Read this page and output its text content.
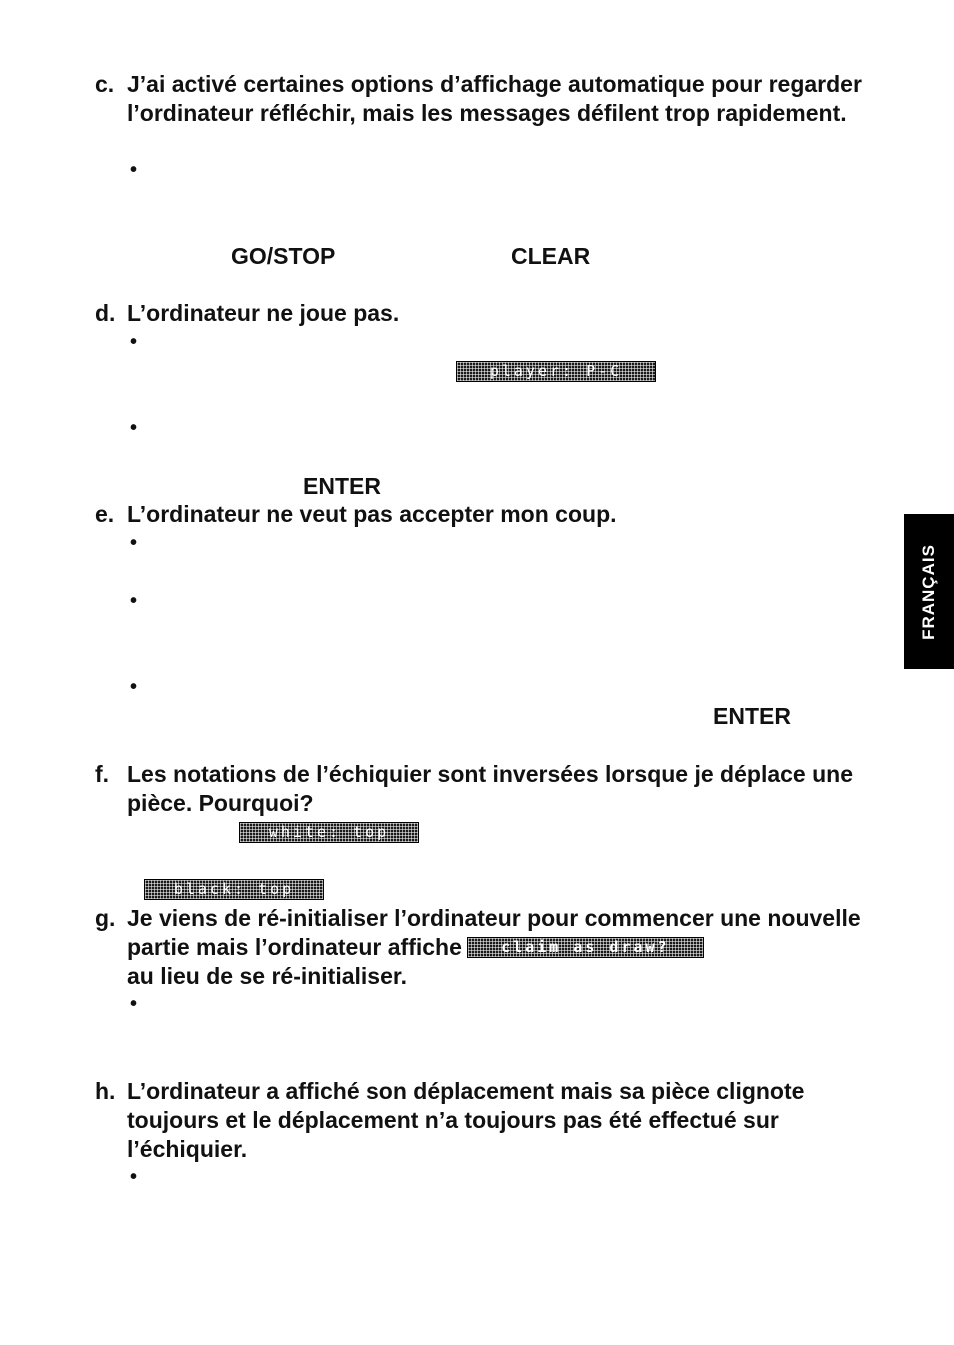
c. J’ai activé certaines options d’affichage automatique pour regarder l’ordinateur réfléchir, mais les messages défilent trop rapidement.
•
GO/STOP	CLEAR
d. L’ordinateur ne joue pas.
•
player: P-C
•
ENTER
e. L’ordinateur ne veut pas accepter mon coup.
•
•
•
ENTER
f. Les notations de l’échiquier sont inversées lorsque je déplace une pièce. Pourquoi?
white: top
black: top
g. Je viens de ré-initialiser l’ordinateur pour commencer une nouvelle partie mais l’ordinateur affiche	claim as draw?
au lieu de se ré-initialiser.
•
h. L’ordinateur a affiché son déplacement mais sa pièce clignote toujours et le déplacement n’a toujours pas été effectué sur l’échiquier.
•
FRANÇAIS
